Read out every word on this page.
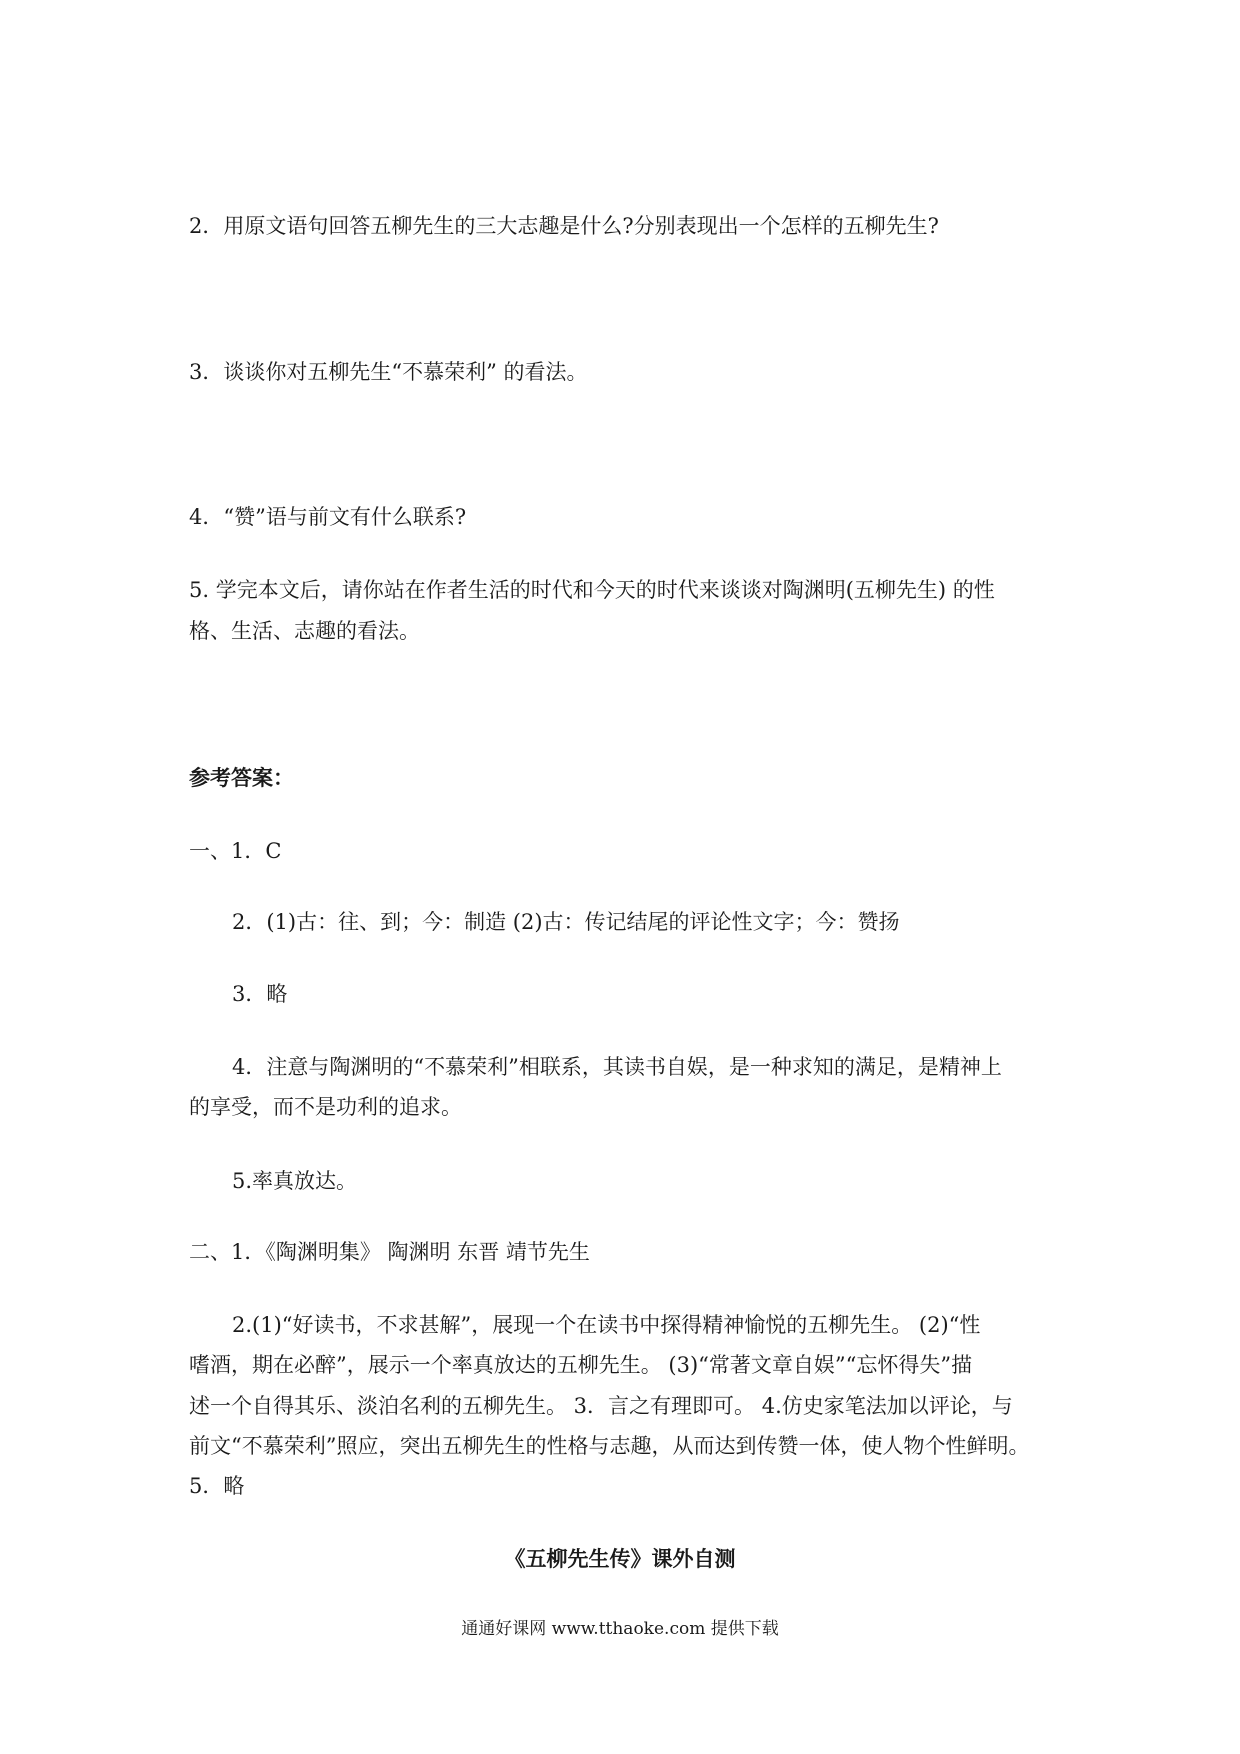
2．用原文语句回答五柳先生的三大志趣是什么?分别表现出一个怎样的五柳先生?
3．谈谈你对五柳先生“不慕荣利” 的看法。
4．“赞”语与前文有什么联系?
5. 学完本文后，请你站在作者生活的时代和今天的时代来谈谈对陶渊明(五柳先生) 的性
格、生活、志趣的看法。
参考答案：
一、1．C
2．(1)古：往、到；今：制造 (2)古：传记结尾的评论性文字；今：赞扬
3．略
4．注意与陶渊明的“不慕荣利”相联系，其读书自娱，是一种求知的满足，是精神上
的享受，而不是功利的追求。
5.率真放达。
二、1．《陶渊明集》 陶渊明 东晋 靖节先生
2.(1)“好读书，不求甚解”，展现一个在读书中探得精神愉悦的五柳先生。 (2)“性
嗜酒，期在必醉”，展示一个率真放达的五柳先生。 (3)“常著文章自娱”“忘怀得失”描
述一个自得其乐、淡泊名利的五柳先生。 3．言之有理即可。 4.仿史家笔法加以评论，与
前文“不慕荣利”照应，突出五柳先生的性格与志趣，从而达到传赞一体，使人物个性鲜明。
5．略
《五柳先生传》课外自测
通通好课网 www.tthaoke.com 提供下载
